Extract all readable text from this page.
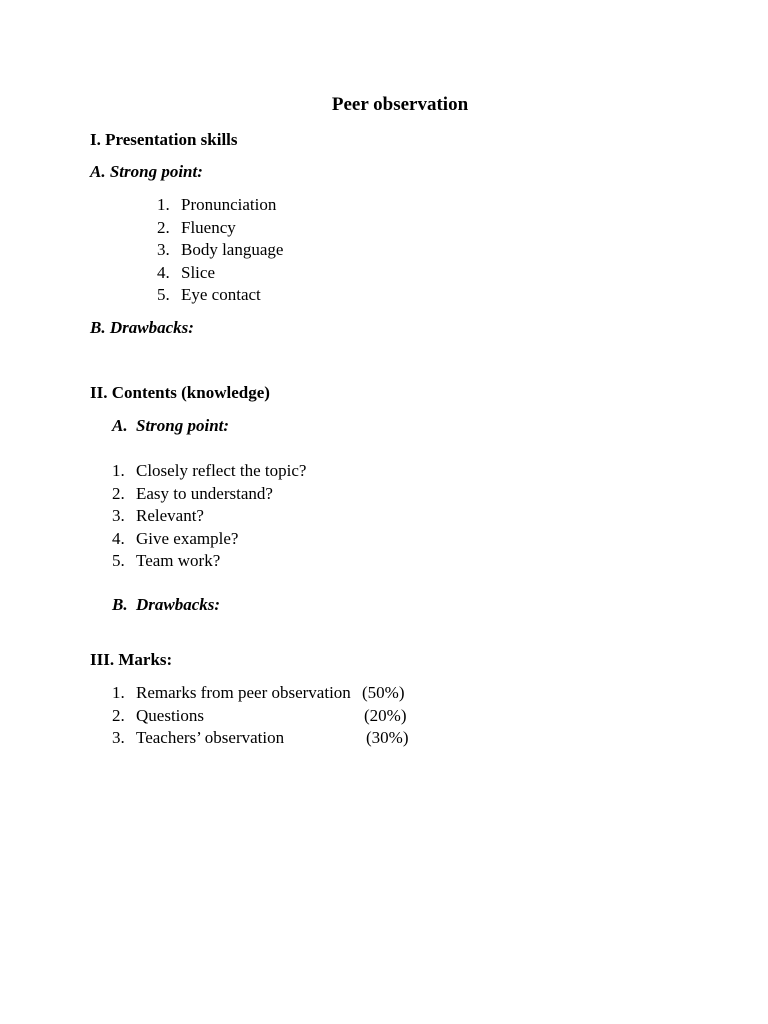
Peer observation
I. Presentation skills
A. Strong point:
1. Pronunciation
2. Fluency
3. Body language
4. Slice
5. Eye contact
B. Drawbacks:
II. Contents (knowledge)
A. Strong point:
1. Closely reflect the topic?
2. Easy to understand?
3. Relevant?
4. Give example?
5. Team work?
B. Drawbacks:
III. Marks:
1. Remarks from peer observation (50%)
2. Questions	(20%)
3. Teachers’ observation	(30%)
